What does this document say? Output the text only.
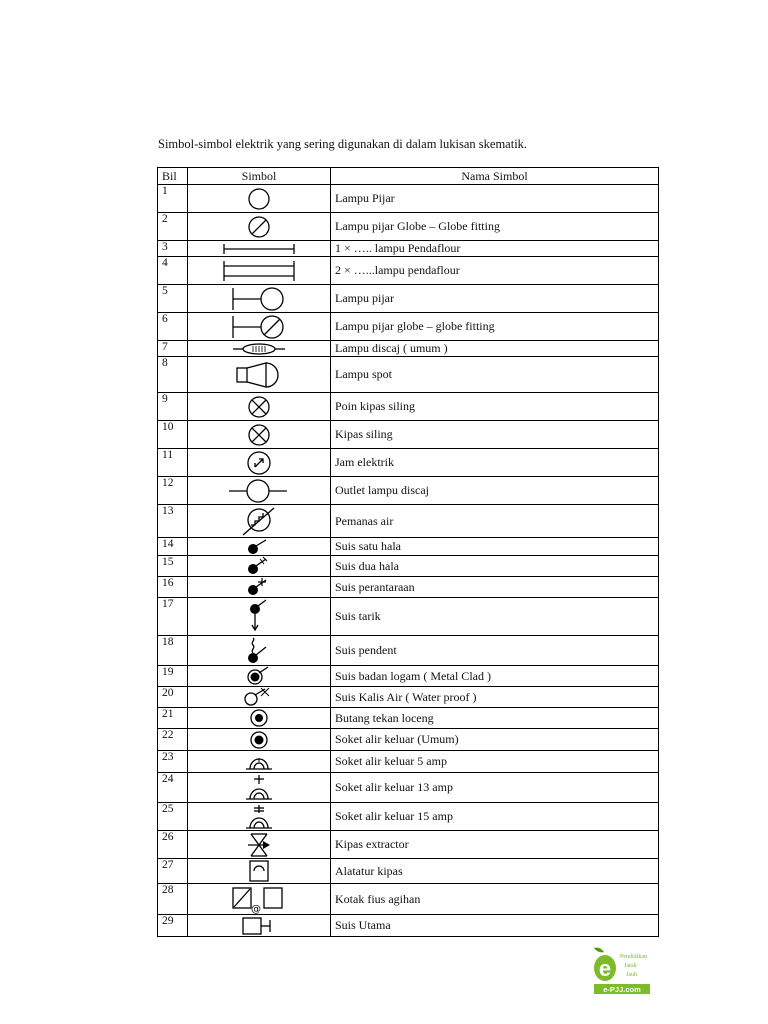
Simbol-simbol elektrik yang sering digunakan di dalam lukisan skematik.
Bil	Simbol	Nama Simbol
1		Lampu Pijar
2		Lampu pijar Globe – Globe fitting
3		1 × ….. lampu Pendaflour
4		2 × …...lampu pendaflour
5		Lampu pijar
6		Lampu pijar globe – globe fitting
7		Lampu discaj ( umum )
8		Lampu spot
9		Poin kipas siling
10		Kipas siling
11		Jam elektrik
12		Outlet lampu discaj
13		Pemanas air
14		Suis satu hala
15		Suis dua hala
16		Suis perantaraan
17		Suis tarik
18		Suis pendent
19		Suis badan logam ( Metal Clad )
20		Suis Kalis Air ( Water proof )
21		Butang tekan loceng
22		Soket alir keluar (Umum)
23		Soket alir keluar 5 amp
24		Soket alir keluar 13 amp
25		Soket alir keluar 15 amp
26		Kipas extractor
27		Alatatur kipas
28	@	Kotak fius agihan
29		Suis Utama
e Pendidikan
Jarak
Jauh
e-PJJ.com
